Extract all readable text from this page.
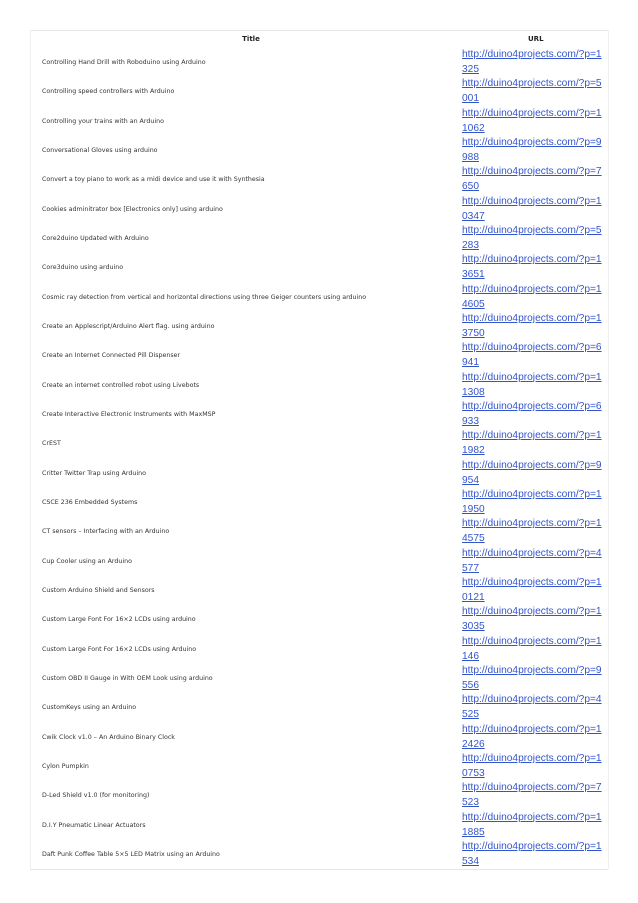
Title	URL
Controlling Hand Drill with Roboduino using Arduino	http://duino4projects.com/?p=1325

Controlling speed controllers with Arduino	http://duino4projects.com/?p=5001

Controlling your trains with an Arduino	http://duino4projects.com/?p=11062

Conversational Gloves using arduino	http://duino4projects.com/?p=9988

Convert a toy piano to work as a midi device and use it with Synthesia	http://duino4projects.com/?p=7650

Cookies adminitrator box [Electronics only] using arduino	http://duino4projects.com/?p=10347

Core2duino Updated with Arduino	http://duino4projects.com/?p=5283

Core3duino using arduino	http://duino4projects.com/?p=13651

Cosmic ray detection from vertical and horizontal directions using three Geiger counters using arduino	http://duino4projects.com/?p=14605

Create an Applescript/Arduino Alert flag. using arduino	http://duino4projects.com/?p=13750

Create an Internet Connected Pill Dispenser	http://duino4projects.com/?p=6941

Create an internet controlled robot using Livebots	http://duino4projects.com/?p=11308

Create Interactive Electronic Instruments with MaxMSP	http://duino4projects.com/?p=6933

CrEST	http://duino4projects.com/?p=11982

Critter Twitter Trap using Arduino	http://duino4projects.com/?p=9954

CSCE 236 Embedded Systems	http://duino4projects.com/?p=11950

CT sensors – Interfacing with an Arduino	http://duino4projects.com/?p=14575

Cup Cooler using an Arduino	http://duino4projects.com/?p=4577

Custom Arduino Shield and Sensors	http://duino4projects.com/?p=10121

Custom Large Font For 16×2 LCDs using arduino	http://duino4projects.com/?p=13035

Custom Large Font For 16×2 LCDs using Arduino	http://duino4projects.com/?p=1146

Custom OBD II Gauge in With OEM Look using arduino	http://duino4projects.com/?p=9556

CustomKeys using an Arduino	http://duino4projects.com/?p=4525

Cwik Clock v1.0 – An Arduino Binary Clock	http://duino4projects.com/?p=12426

Cylon Pumpkin	http://duino4projects.com/?p=10753

D-Led Shield v1.0 (for monitoring)	http://duino4projects.com/?p=7523

D.I.Y Pneumatic Linear Actuators	http://duino4projects.com/?p=11885

Daft Punk Coffee Table 5×5 LED Matrix using an Arduino	http://duino4projects.com/?p=1534
